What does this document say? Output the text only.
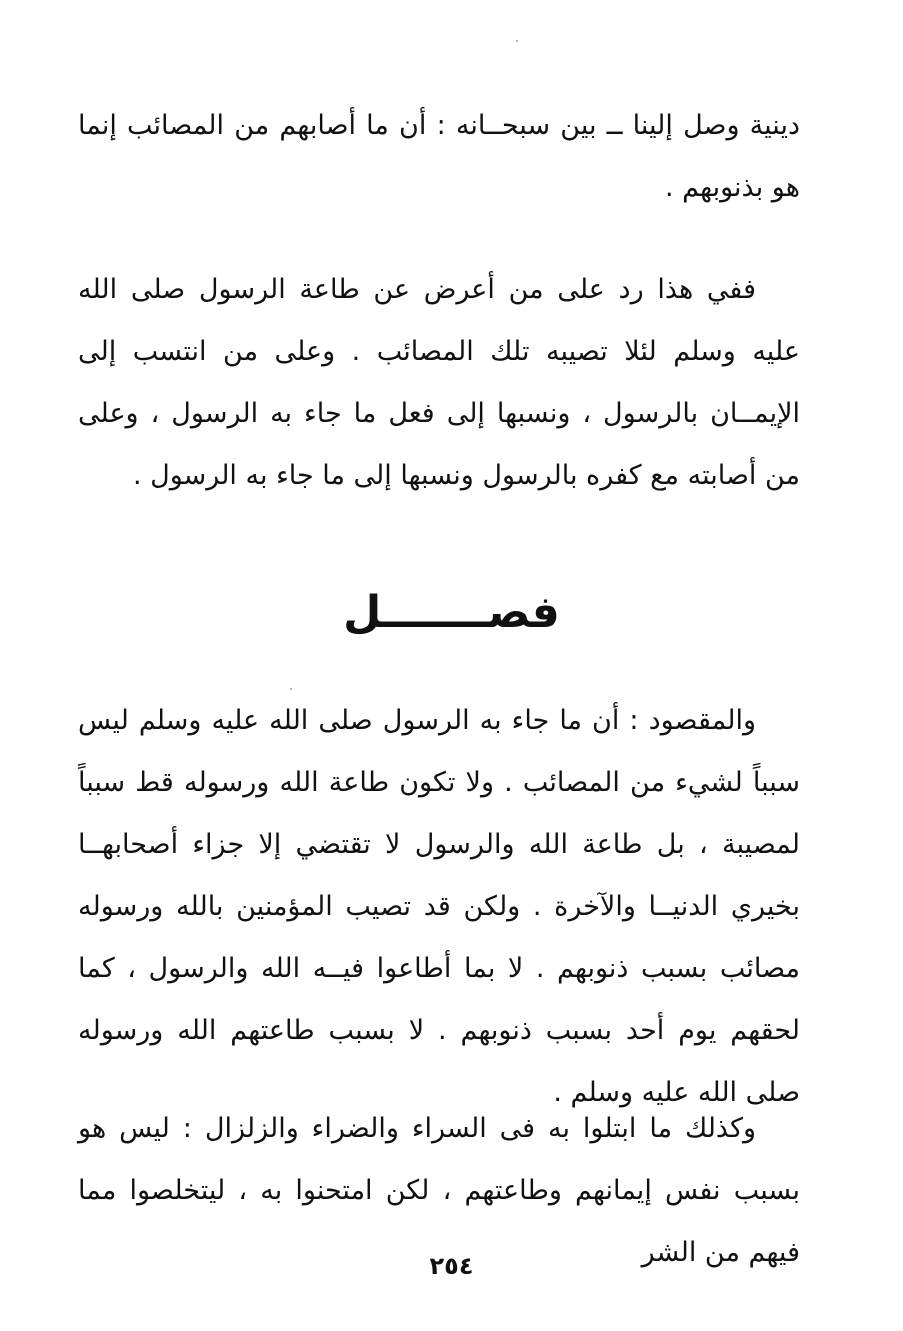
دينية وصل إلينا ــ بين سبحــانه : أن ما أصابهم من المصائب إنما هو بذنوبهم .

ففي هذا رد على من أعرض عن طاعة الرسول صلى الله عليه وسلم لئلا تصيبه تلك المصائب . وعلى من انتسب إلى الإيمــان بالرسول ، ونسبها إلى فعل ما جاء به الرسول ، وعلى من أصابته مع كفره بالرسول ونسبها إلى ما جاء به الرسول .

فصـــــــل

والمقصود : أن ما جاء به الرسول صلى الله عليه وسلم ليس سبباً لشيء من المصائب . ولا تكون طاعة الله ورسوله قط سبباً لمصيبة ، بل طاعة الله والرسول لا تقتضي إلا جزاء أصحابهــا بخيري الدنيــا والآخرة . ولكن قد تصيب المؤمنين بالله ورسوله مصائب بسبب ذنوبهم . لا بما أطاعوا فيــه الله والرسول ، كما لحقهم يوم أحد بسبب ذنوبهم . لا بسبب طاعتهم الله ورسوله صلى الله عليه وسلم .

وكذلك ما ابتلوا به فى السراء والضراء والزلزال : ليس هو بسبب نفس إيمانهم وطاعتهم ، لكن امتحنوا به ، ليتخلصوا مما فيهم من الشر

٢٥٤
